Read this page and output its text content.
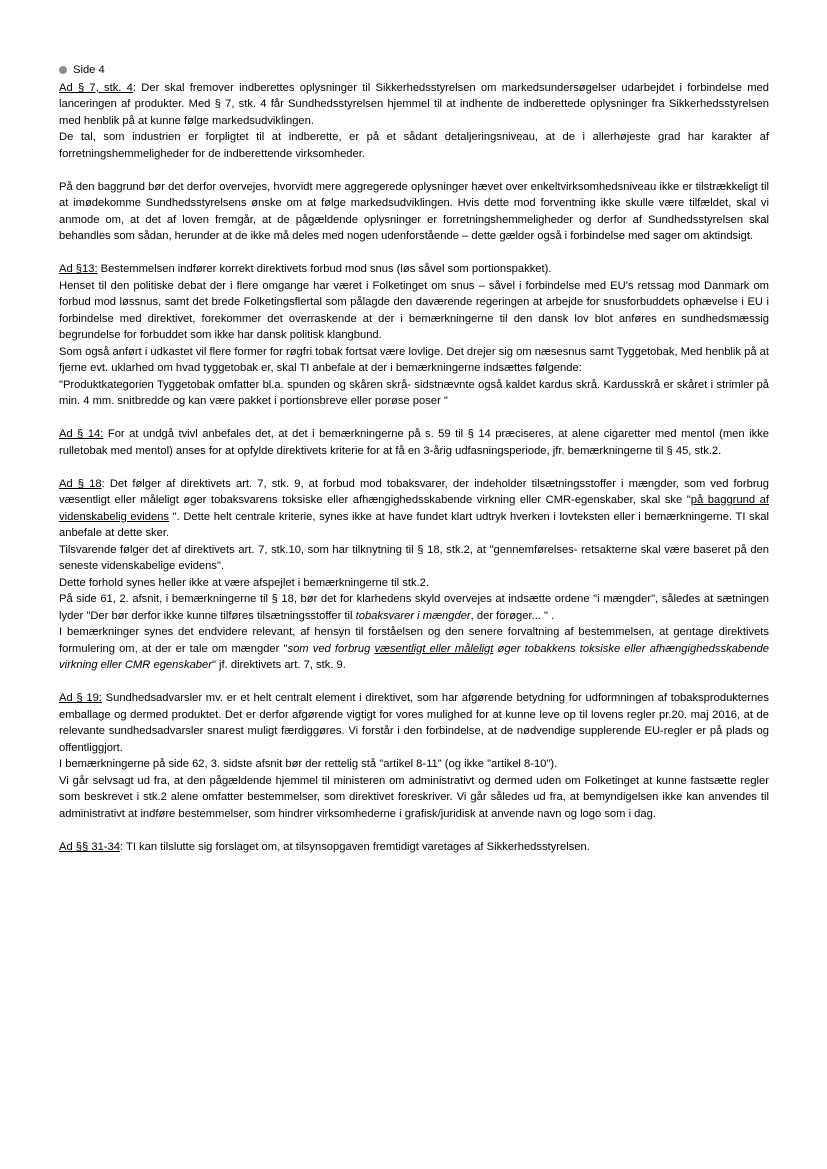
Side 4

Ad § 7, stk. 4: Der skal fremover indberettes oplysninger til Sikkerhedsstyrelsen om markedsundersøgelser udarbejdet i forbindelse med lanceringen af produkter. Med § 7, stk. 4 får Sundhedsstyrelsen hjemmel til at indhente de indberettede oplysninger fra Sikkerhedsstyrelsen med henblik på at kunne følge markedsudviklingen.

De tal, som industrien er forpligtet til at indberette, er på et sådant detaljeringsniveau, at de i allerhøjeste grad har karakter af forretningshemmeligheder for de indberettende virksomheder.

På den baggrund bør det derfor overvejes, hvorvidt mere aggregerede oplysninger hævet over enkeltvirksomhedsniveau ikke er tilstrækkeligt til at imødekomme Sundhedsstyrelsens ønske om at følge markedsudviklingen. Hvis dette mod forventning ikke skulle være tilfældet, skal vi anmode om, at det af loven fremgår, at de pågældende oplysninger er forretningshemmeligheder og derfor af Sundhedsstyrelsen skal behandles som sådan, herunder at de ikke må deles med nogen udenforstående – dette gælder også i forbindelse med sager om aktindsigt.

Ad §13: Bestemmelsen indfører korrekt direktivets forbud mod snus (løs såvel som portionspakket).

Henset til den politiske debat der i flere omgange har været i Folketinget om snus – såvel i forbindelse med EU's retssag mod Danmark om forbud mod løssnus, samt det brede Folketingsflertal som pålagde den daværende regeringen at arbejde for snusforbuddets ophævelse i EU i forbindelse med direktivet, forekommer det overraskende at der i bemærkningerne til den dansk lov blot anføres en sundhedsmæssig begrundelse for forbuddet som ikke har dansk politisk klangbund.

Som også anført i udkastet vil flere former for røgfri tobak fortsat være lovlige. Det drejer sig om næsesnus samt Tyggetobak, Med henblik på at fjerne evt. uklarhed om hvad tyggetobak er, skal TI anbefale at der i bemærkningerne indsættes følgende:

"Produktkategorien Tyggetobak omfatter bl.a. spunden og skåren skrå- sidstnævnte også kaldet kardus skrå. Kardusskrå er skåret i strimler på min. 4 mm. snitbredde og kan være pakket i portionsbreve eller porøse poser "

Ad § 14: For at undgå tvivl anbefales det, at det i bemærkningerne på s. 59 til § 14 præciseres, at alene cigaretter med mentol (men ikke rulletobak med mentol) anses for at opfylde direktivets kriterie for at få en 3-årig udfasningsperiode, jfr. bemærkningerne til § 45, stk.2.

Ad § 18: Det følger af direktivets art. 7, stk. 9, at forbud mod tobaksvarer, der indeholder tilsætningsstoffer i mængder, som ved forbrug væsentligt eller måleligt øger tobaksvarens toksiske eller afhængighedsskabende virkning eller CMR-egenskaber, skal ske "på baggrund af videnskabelig evidens ". Dette helt centrale kriterie, synes ikke at have fundet klart udtryk hverken i lovteksten eller i bemærkningerne. TI skal anbefale at dette sker.

Tilsvarende følger det af direktivets art. 7, stk.10, som har tilknytning til § 18, stk.2, at "gennemførelses- retsakterne skal være baseret på den seneste videnskabelige evidens".

Dette forhold synes heller ikke at være afspejlet i bemærkningerne til stk.2.

På side 61, 2. afsnit, i bemærkningerne til § 18, bør det for klarhedens skyld overvejes at indsætte ordene "i mængder", således at sætningen lyder "Der bør derfor ikke kunne tilføres tilsætningsstoffer til tobaksvarer i mængder, der forøger... " .

I bemærkninger synes det endvidere relevant, af hensyn til forståelsen og den senere forvaltning af bestemmelsen, at gentage direktivets formulering om, at der er tale om mængder "som ved forbrug væsentligt eller måleligt øger tobakkens toksiske eller afhængighedsskabende virkning eller CMR egenskaber" jf. direktivets art. 7, stk. 9.

Ad § 19: Sundhedsadvarsler mv. er et helt centralt element i direktivet, som har afgørende betydning for udformningen af tobaksprodukternes emballage og dermed produktet. Det er derfor afgørende vigtigt for vores mulighed for at kunne leve op til lovens regler pr.20. maj 2016, at de relevante sundhedsadvarsler snarest muligt færdiggøres. Vi forstår i den forbindelse, at de nødvendige supplerende EU-regler er på plads og offentliggjort.

I bemærkningerne på side 62, 3. sidste afsnit bør der rettelig stå "artikel 8-11" (og ikke "artikel 8-10").

Vi går selvsagt ud fra, at den pågældende hjemmel til ministeren om administrativt og dermed uden om Folketinget at kunne fastsætte regler som beskrevet i stk.2 alene omfatter bestemmelser, som direktivet foreskriver. Vi går således ud fra, at bemyndigelsen ikke kan anvendes til administrativt at indføre bestemmelser, som hindrer virksomhederne i grafisk/juridisk at anvende navn og logo som i dag.

Ad §§ 31-34: TI kan tilslutte sig forslaget om, at tilsynsopgaven fremtidigt varetages af Sikkerhedsstyrelsen.
